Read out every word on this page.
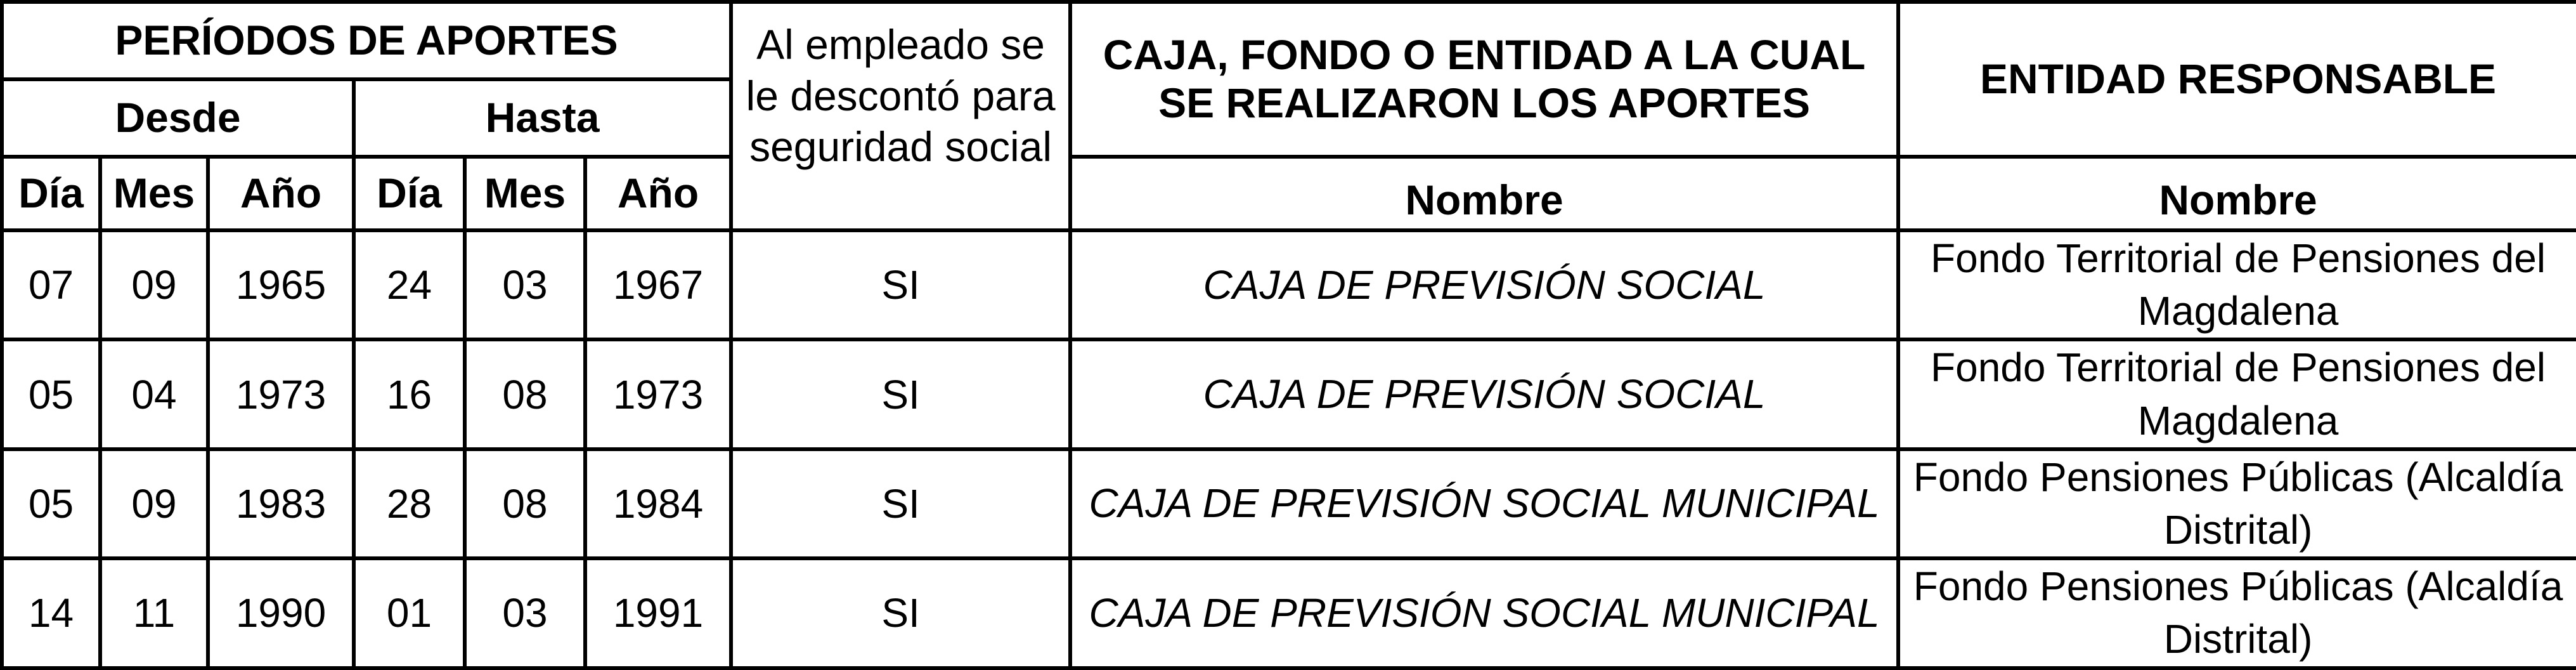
PERÍODOS DE APORTES						Al empleado se le descontó para seguridad social	CAJA, FONDO O ENTIDAD A LA CUAL SE REALIZARON LOS APORTES	ENTIDAD RESPONSABLE
Desde			Hasta					
Día	Mes	Año	Día	Mes	Año		Nombre	Nombre
07	09	1965	24	03	1967	SI	CAJA DE PREVISIÓN SOCIAL	Fondo Territorial de Pensiones del Magdalena
05	04	1973	16	08	1973	SI	CAJA DE PREVISIÓN SOCIAL	Fondo Territorial de Pensiones del Magdalena
05	09	1983	28	08	1984	SI	CAJA DE PREVISIÓN SOCIAL MUNICIPAL	Fondo Pensiones Públicas (Alcaldía Distrital)
14	11	1990	01	03	1991	SI	CAJA DE PREVISIÓN SOCIAL MUNICIPAL	Fondo Pensiones Públicas (Alcaldía Distrital)
